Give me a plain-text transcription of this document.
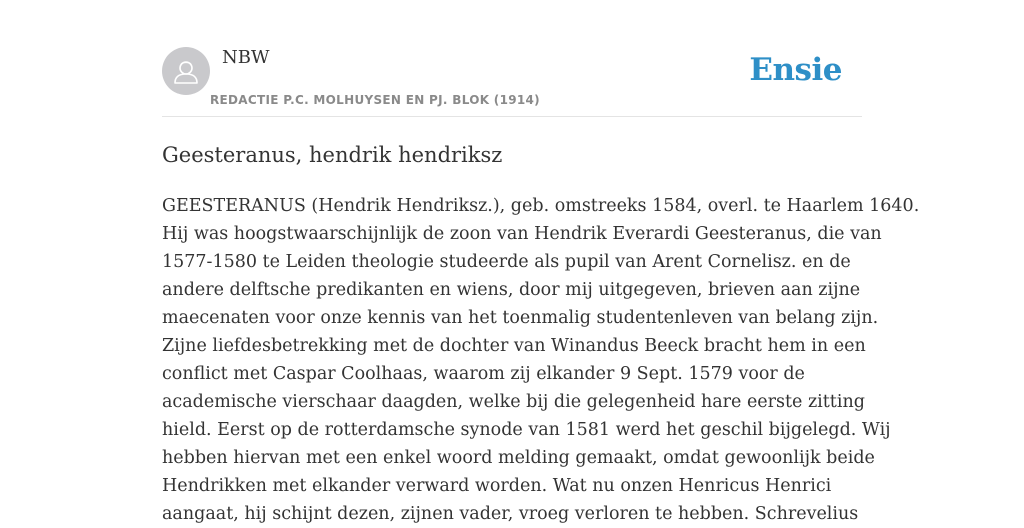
NBW
REDACTIE P.C. MOLHUYSEN EN PJ. BLOK (1914)
Ensie
Geesteranus, hendrik hendriksz
GEESTERANUS (Hendrik Hendriksz.), geb. omstreeks 1584, overl. te Haarlem 1640.
Hij was hoogstwaarschijnlijk de zoon van Hendrik Everardi Geesteranus, die van
1577-1580 te Leiden theologie studeerde als pupil van Arent Cornelisz. en de
andere delftsche predikanten en wiens, door mij uitgegeven, brieven aan zijne
maecenaten voor onze kennis van het toenmalig studentenleven van belang zijn.
Zijne liefdesbetrekking met de dochter van Winandus Beeck bracht hem in een
conflict met Caspar Coolhaas, waarom zij elkander 9 Sept. 1579 voor de
academische vierschaar daagden, welke bij die gelegenheid hare eerste zitting
hield. Eerst op de rotterdamsche synode van 1581 werd het geschil bijgelegd. Wij
hebben hiervan met een enkel woord melding gemaakt, omdat gewoonlijk beide
Hendrikken met elkander verward worden. Wat nu onzen Henricus Henrici
aangaat, hij schijnt dezen, zijnen vader, vroeg verloren te hebben. Schrevelius
